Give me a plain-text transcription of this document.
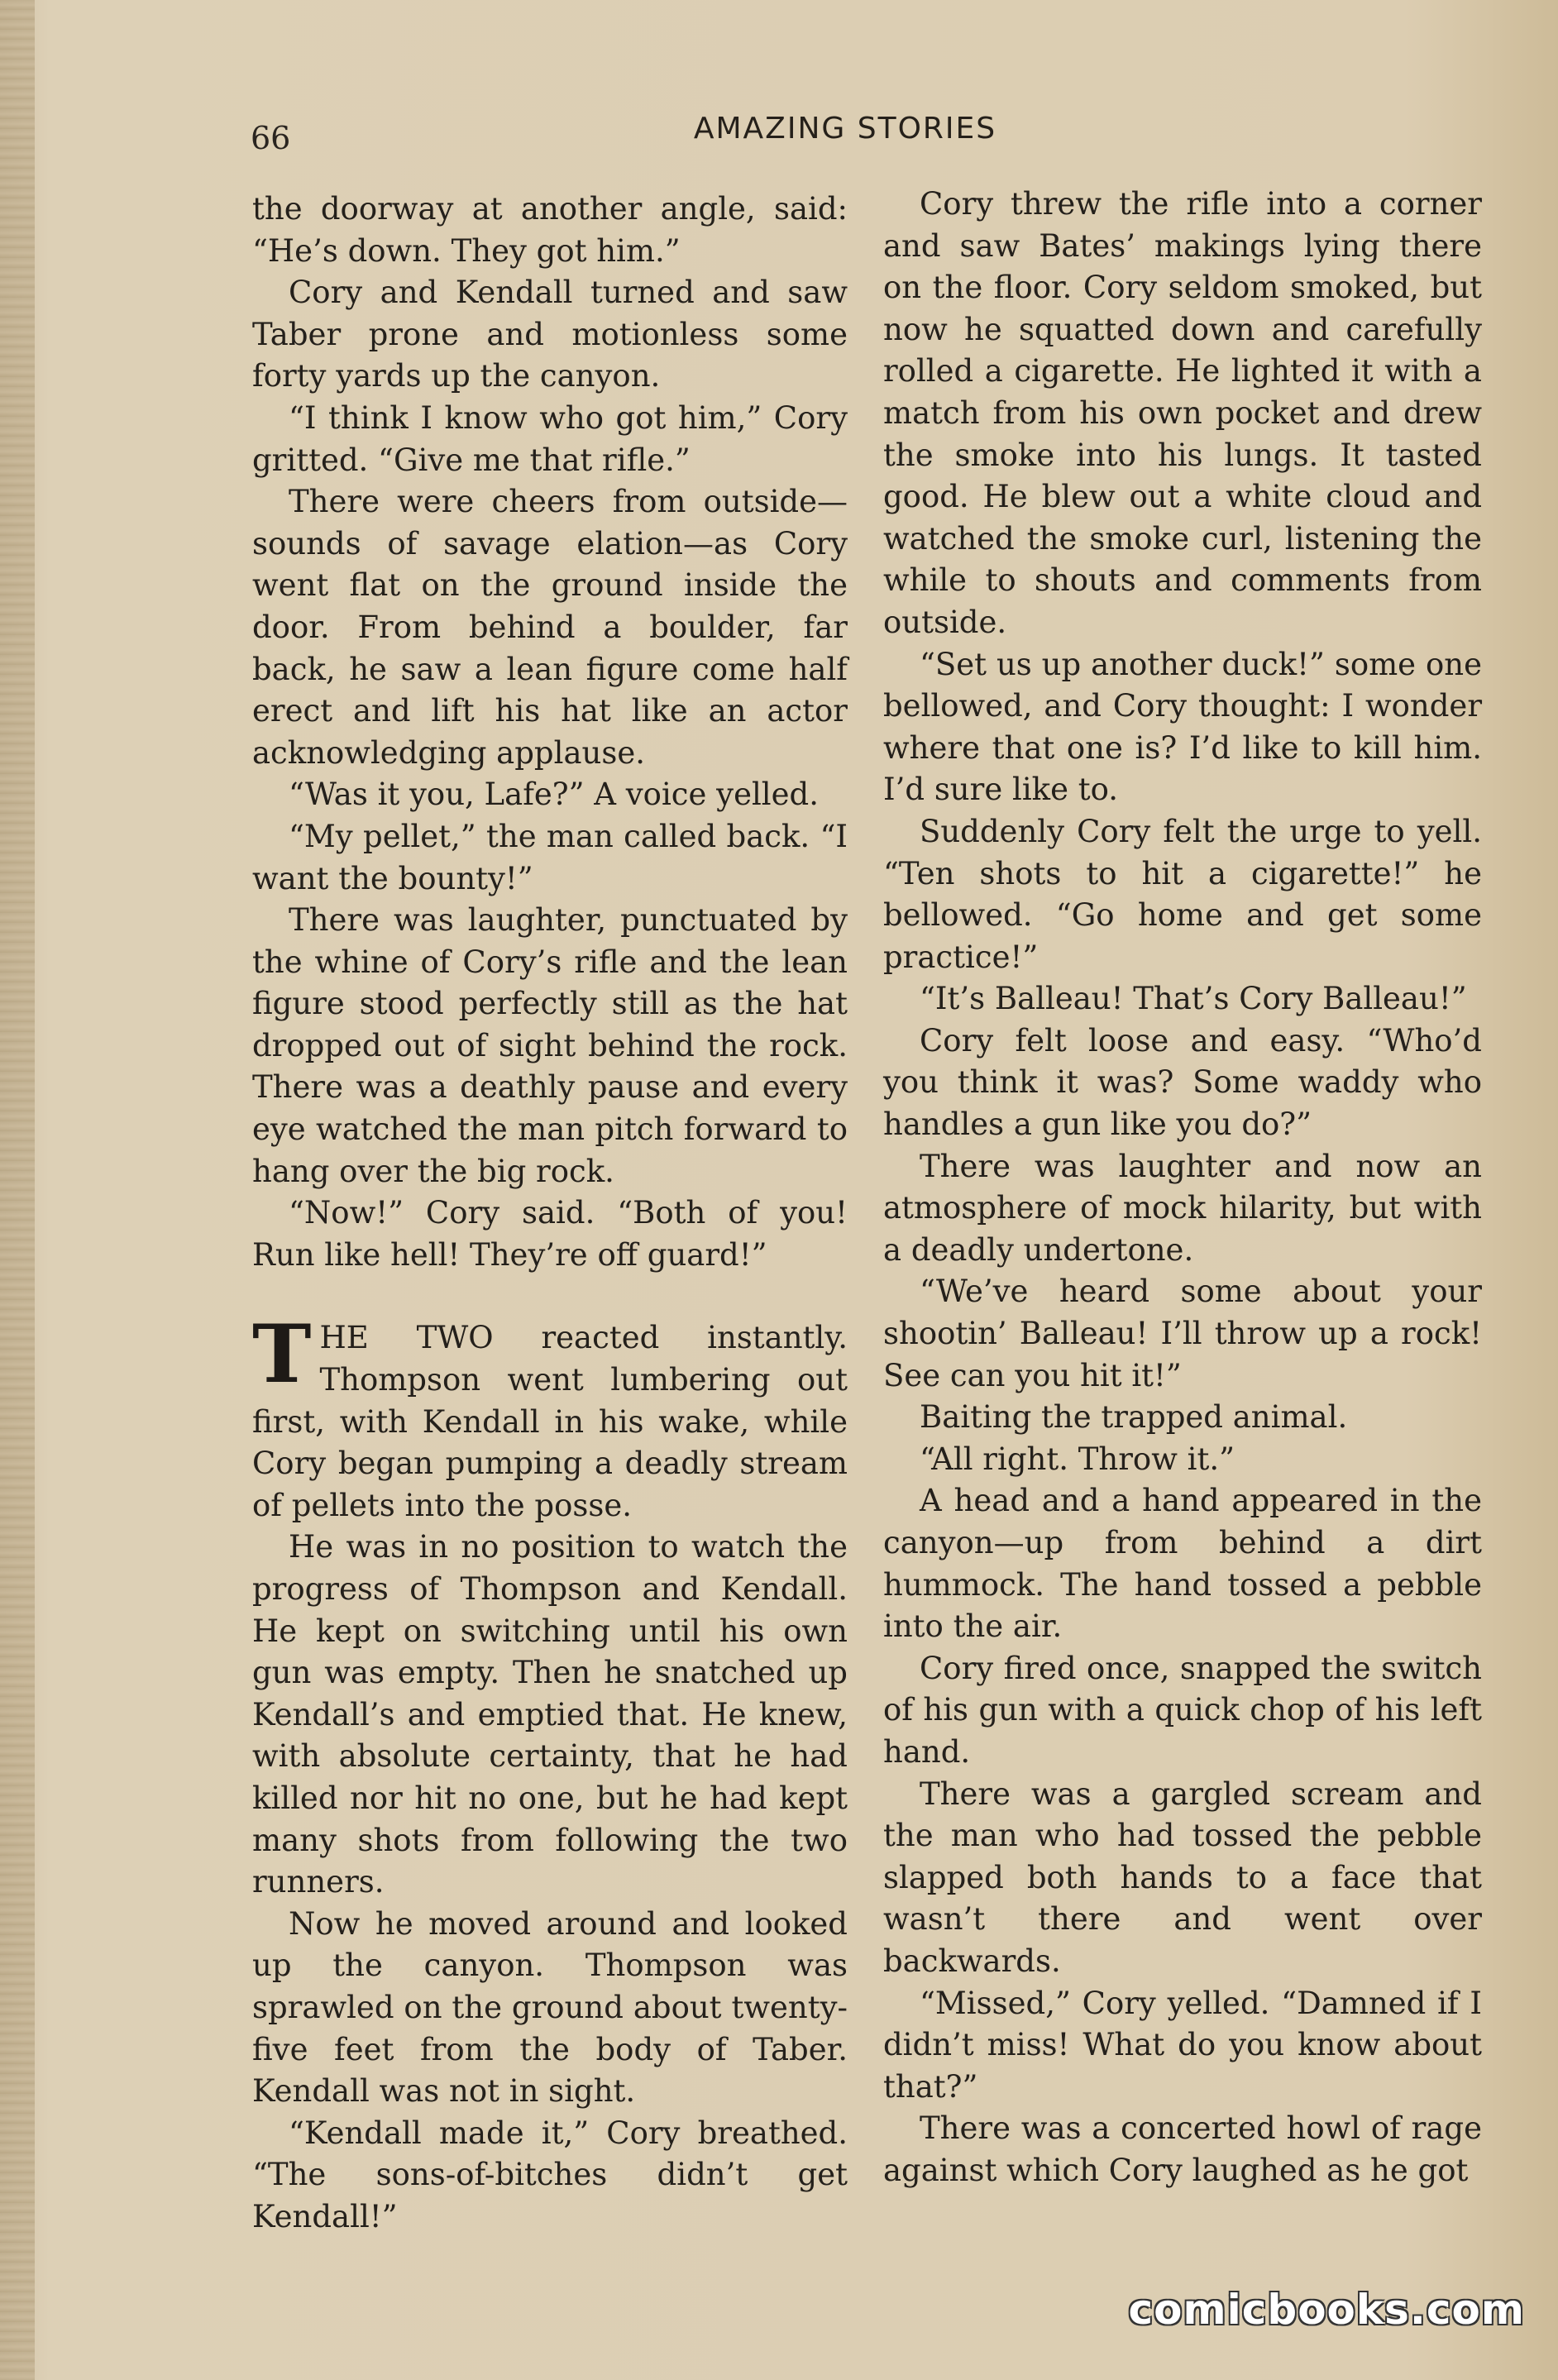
66	AMAZING STORIES

the doorway at another angle, said: “He’s down. They got him.”

Cory and Kendall turned and saw Taber prone and motionless some forty yards up the canyon.

“I think I know who got him,” Cory gritted. “Give me that rifle.”

There were cheers from outside—sounds of savage elation—as Cory went flat on the ground inside the door. From behind a boulder, far back, he saw a lean figure come half erect and lift his hat like an actor acknowledging applause.

“Was it you, Lafe?” A voice yelled.

“My pellet,” the man called back. “I want the bounty!”

There was laughter, punctuated by the whine of Cory’s rifle and the lean figure stood perfectly still as the hat dropped out of sight behind the rock. There was a deathly pause and every eye watched the man pitch forward to hang over the big rock.

“Now!” Cory said. “Both of you! Run like hell! They’re off guard!”

THE TWO reacted instantly. Thompson went lumbering out first, with Kendall in his wake, while Cory began pumping a deadly stream of pellets into the posse.

He was in no position to watch the progress of Thompson and Kendall. He kept on switching until his own gun was empty. Then he snatched up Kendall’s and emptied that. He knew, with absolute certainty, that he had killed nor hit no one, but he had kept many shots from following the two runners.

Now he moved around and looked up the canyon. Thompson was sprawled on the ground about twenty-five feet from the body of Taber. Kendall was not in sight.

“Kendall made it,” Cory breathed. “The sons-of-bitches didn’t get Kendall!”

Cory threw the rifle into a corner and saw Bates’ makings lying there on the floor. Cory seldom smoked, but now he squatted down and carefully rolled a cigarette. He lighted it with a match from his own pocket and drew the smoke into his lungs. It tasted good. He blew out a white cloud and watched the smoke curl, listening the while to shouts and comments from outside.

“Set us up another duck!” some one bellowed, and Cory thought: I wonder where that one is? I’d like to kill him. I’d sure like to.

Suddenly Cory felt the urge to yell. “Ten shots to hit a cigarette!” he bellowed. “Go home and get some practice!”

“It’s Balleau! That’s Cory Balleau!”

Cory felt loose and easy. “Who’d you think it was? Some waddy who handles a gun like you do?”

There was laughter and now an atmosphere of mock hilarity, but with a deadly undertone.

“We’ve heard some about your shootin’ Balleau! I’ll throw up a rock! See can you hit it!”

Baiting the trapped animal.

“All right. Throw it.”

A head and a hand appeared in the canyon—up from behind a dirt hummock. The hand tossed a pebble into the air.

Cory fired once, snapped the switch of his gun with a quick chop of his left hand.

There was a gargled scream and the man who had tossed the pebble slapped both hands to a face that wasn’t there and went over backwards.

“Missed,” Cory yelled. “Damned if I didn’t miss! What do you know about that?”

There was a concerted howl of rage against which Cory laughed as he got

comicbooks.com
